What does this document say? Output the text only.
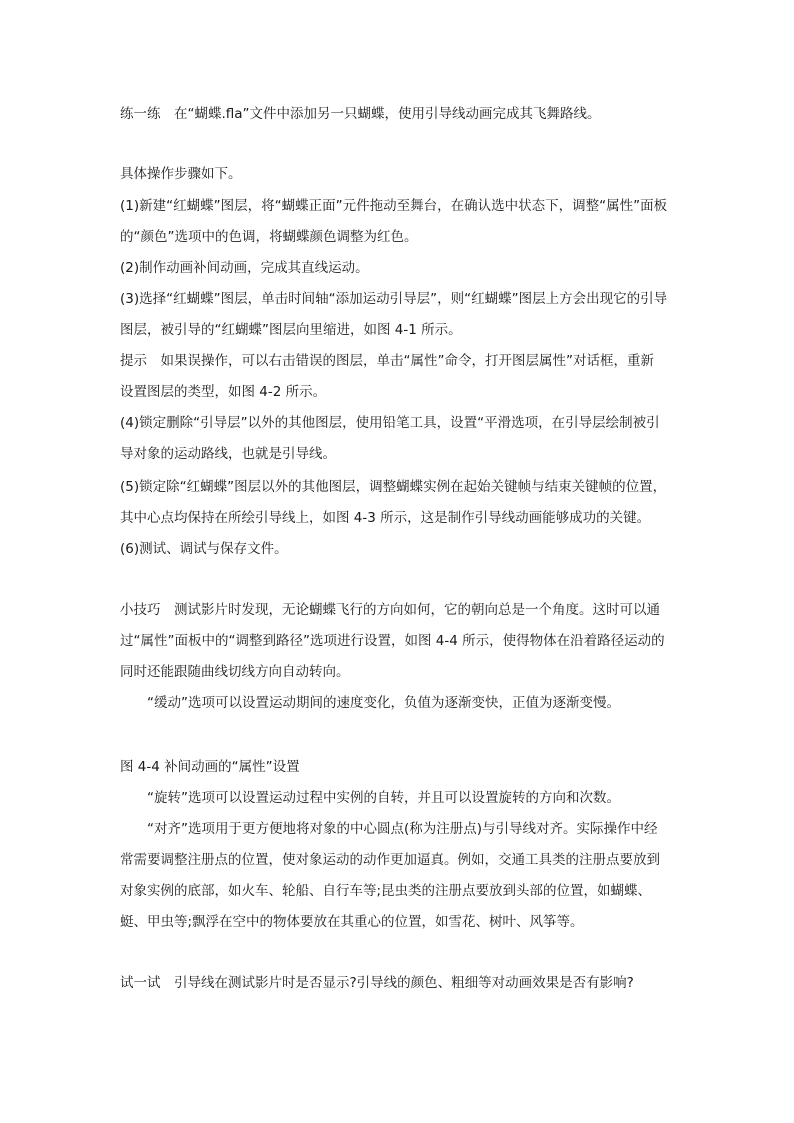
练一练　在“蝴蝶.fla”文件中添加另一只蝴蝶，使用引导线动画完成其飞舞路线。
具体操作步骤如下。
(1)新建“红蝴蝶”图层，将“蝴蝶正面”元件拖动至舞台，在确认选中状态下，调整“属性”面板
的“颜色”选项中的色调，将蝴蝶颜色调整为红色。
(2)制作动画补间动画，完成其直线运动。
(3)选择“红蝴蝶”图层，单击时间轴“添加运动引导层”，则“红蝴蝶”图层上方会出现它的引导
图层，被引导的“红蝴蝶”图层向里缩进，如图 4-1 所示。
提示　如果误操作，可以右击错误的图层，单击“属性”命令，打开图层属性”对话框，重新
设置图层的类型，如图 4-2 所示。
(4)锁定删除“引导层”以外的其他图层，使用铅笔工具，设置“平滑选项，在引导层绘制被引
导对象的运动路线，也就是引导线。
(5)锁定除“红蝴蝶”图层以外的其他图层，调整蝴蝶实例在起始关键帧与结束关键帧的位置，
其中心点均保持在所绘引导线上，如图 4-3 所示，这是制作引导线动画能够成功的关键。
(6)测试、调试与保存文件。
小技巧　测试影片时发现，无论蝴蝶飞行的方向如何，它的朝向总是一个角度。这时可以通
过“属性”面板中的“调整到路径”选项进行设置，如图 4-4 所示，使得物体在沿着路径运动的
同时还能跟随曲线切线方向自动转向。
“缓动”选项可以设置运动期间的速度变化，负值为逐渐变快，正值为逐渐变慢。
图 4-4 补间动画的“属性”设置
“旋转”选项可以设置运动过程中实例的自转，并且可以设置旋转的方向和次数。
“对齐”选项用于更方便地将对象的中心圆点(称为注册点)与引导线对齐。实际操作中经
常需要调整注册点的位置，使对象运动的动作更加逼真。例如，交通工具类的注册点要放到
对象实例的底部，如火车、轮船、自行车等;昆虫类的注册点要放到头部的位置，如蝴蝶、
蜓、甲虫等;飘浮在空中的物体要放在其重心的位置，如雪花、树叶、风筝等。
试一试　引导线在测试影片时是否显示?引导线的颜色、粗细等对动画效果是否有影响?
